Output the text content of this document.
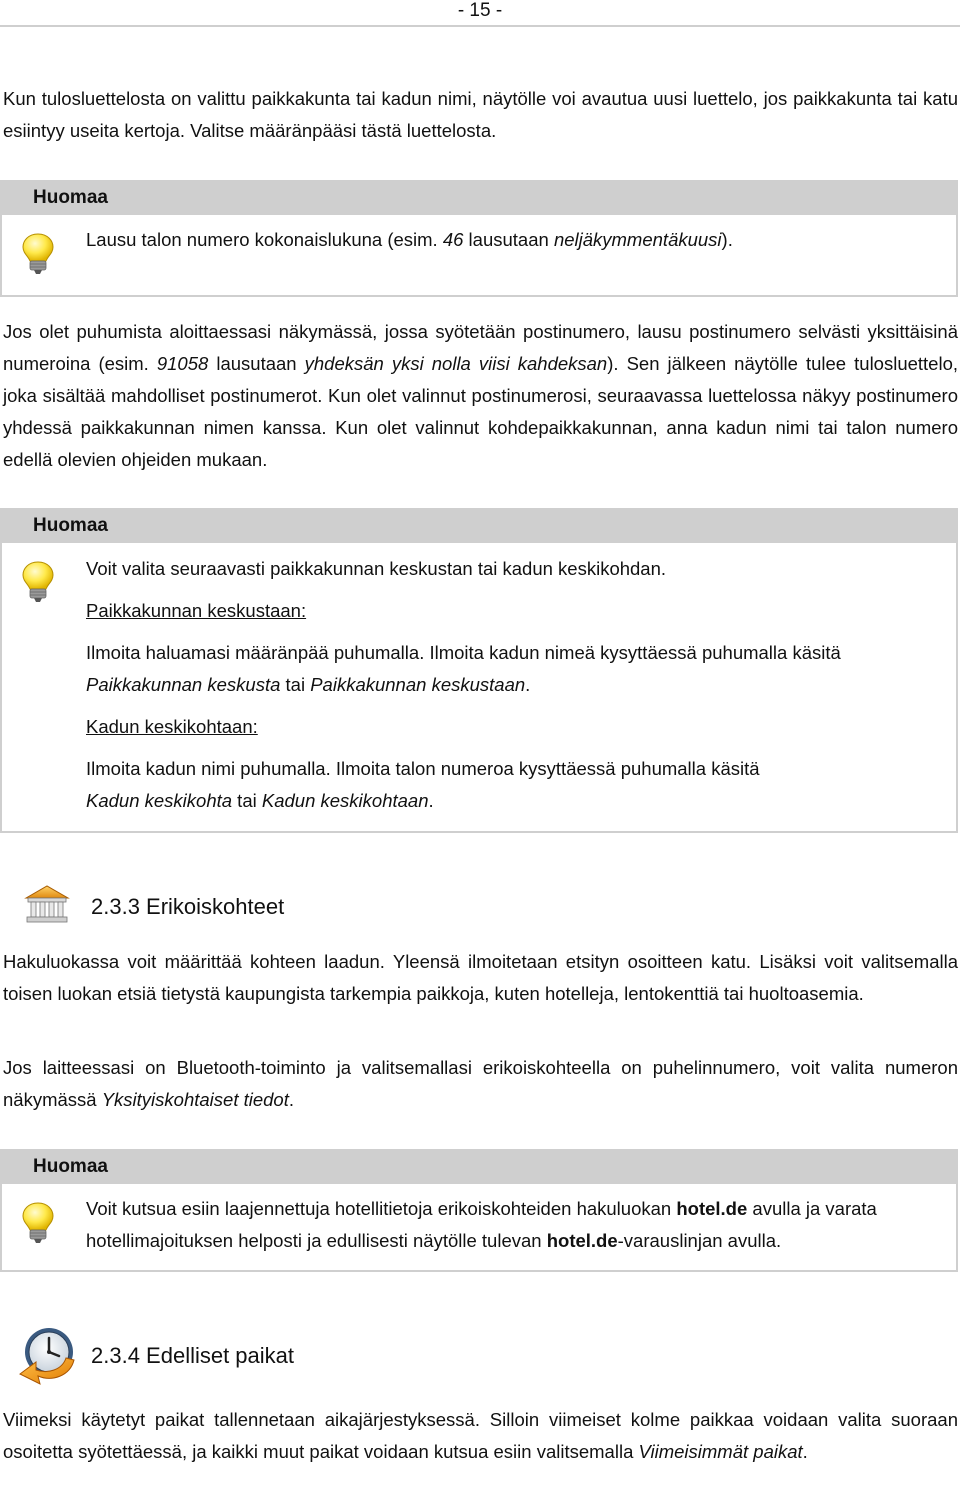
- 15 -

Kun tulosluettelosta on valittu paikkakunta tai kadun nimi, näytölle voi avautua uusi luettelo, jos paikkakunta tai katu esiintyy useita kertoja. Valitse määränpääsi tästä luettelosta.

Huomaa
Lausu talon numero kokonaislukuna (esim. 46 lausutaan neljäkymmentäkuusi).

Jos olet puhumista aloittaessasi näkymässä, jossa syötetään postinumero, lausu postinumero selvästi yksittäisinä numeroina (esim. 91058 lausutaan yhdeksän yksi nolla viisi kahdeksan). Sen jälkeen näytölle tulee tulosluettelo, joka sisältää mahdolliset postinumerot. Kun olet valinnut postinumerosi, seuraavassa luettelossa näkyy postinumero yhdessä paikkakunnan nimen kanssa. Kun olet valinnut kohdepaikkakunnan, anna kadun nimi tai talon numero edellä olevien ohjeiden mukaan.

Huomaa
Voit valita seuraavasti paikkakunnan keskustan tai kadun keskikohdan.
Paikkakunnan keskustaan:
Ilmoita haluamasi määränpää puhumalla. Ilmoita kadun nimeä kysyttäessä puhumalla käsitä Paikkakunnan keskusta tai Paikkakunnan keskustaan.
Kadun keskikohtaan:
Ilmoita kadun nimi puhumalla. Ilmoita talon numeroa kysyttäessä puhumalla käsitä
Kadun keskikohta tai Kadun keskikohtaan.
2.3.3 Erikoiskohteet

Hakuluokassa voit määrittää kohteen laadun. Yleensä ilmoitetaan etsityn osoitteen katu. Lisäksi voit valitsemalla toisen luokan etsiä tietystä kaupungista tarkempia paikkoja, kuten hotelleja, lentokenttiä tai huoltoasemia.

Jos laitteessasi on Bluetooth-toiminto ja valitsemallasi erikoiskohteella on puhelinnumero, voit valita numeron näkymässä Yksityiskohtaiset tiedot.

Huomaa
Voit kutsua esiin laajennettuja hotellitietoja erikoiskohteiden hakuluokan hotel.de avulla ja varata hotellimajoituksen helposti ja edullisesti näytölle tulevan hotel.de-varauslinjan avulla.
2.3.4 Edelliset paikat

Viimeksi käytetyt paikat tallennetaan aikajärjestyksessä. Silloin viimeiset kolme paikkaa voidaan valita suoraan osoitetta syötettäessä, ja kaikki muut paikat voidaan kutsua esiin valitsemalla Viimeisimmät paikat.
